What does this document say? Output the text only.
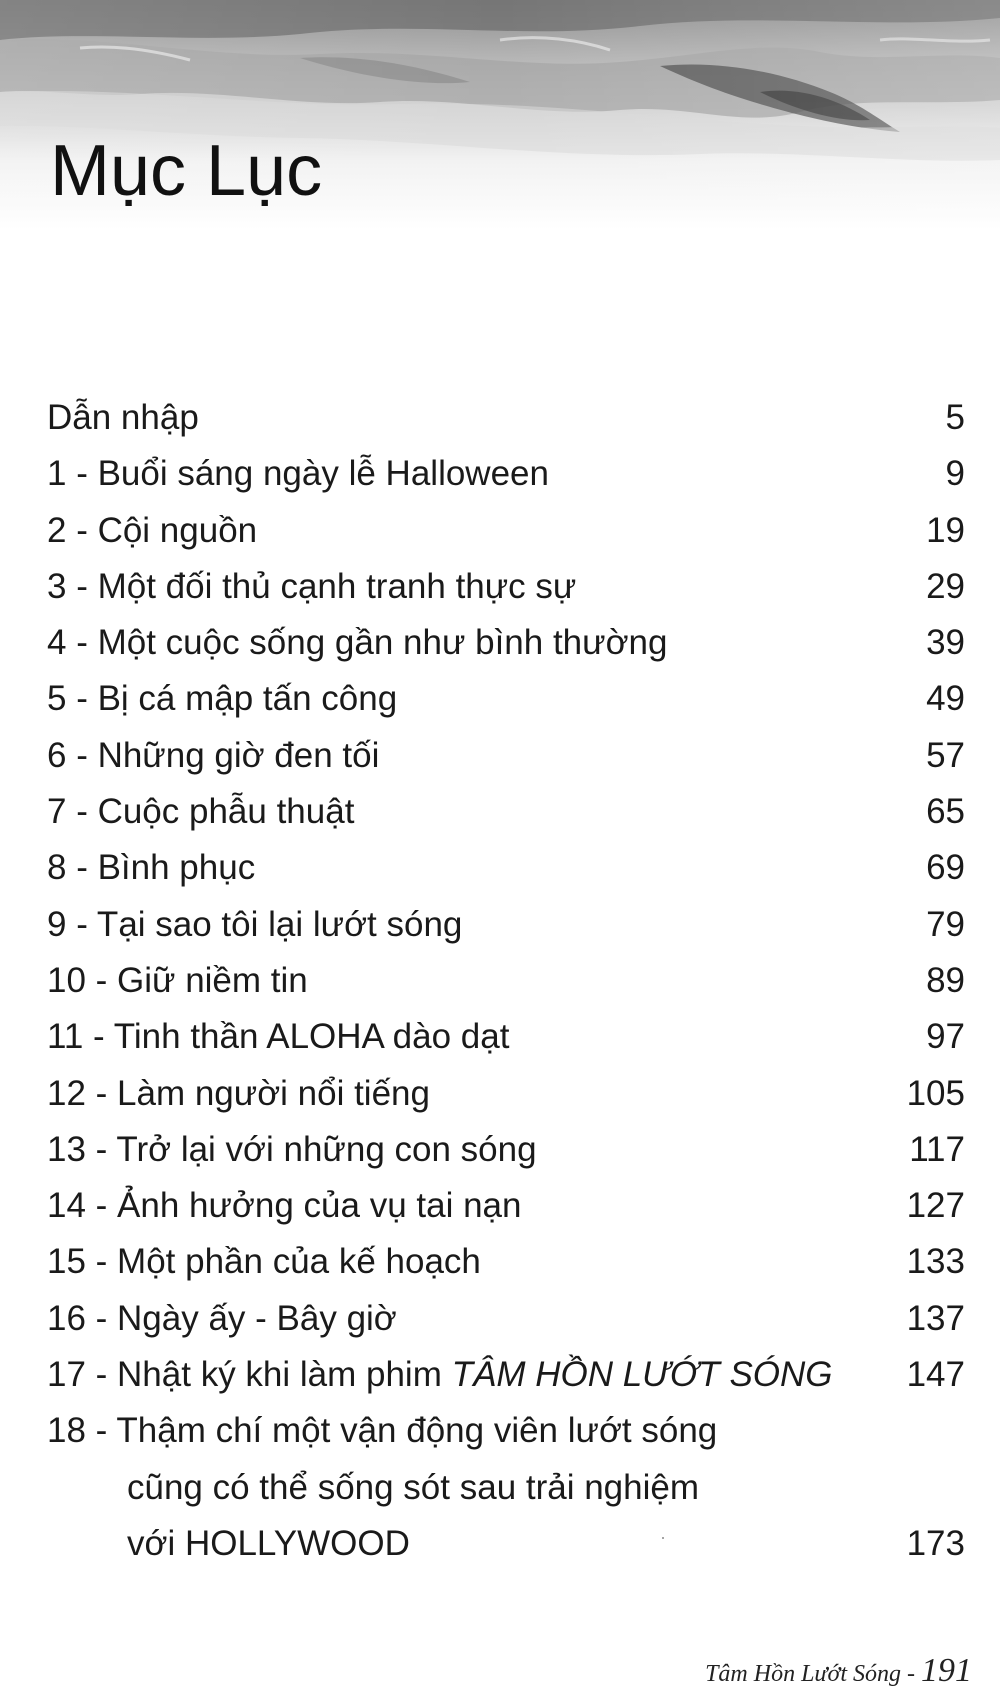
Mục Lục
Dẫn nhập	5
1 - Buổi sáng ngày lễ Halloween	9
2 - Cội nguồn	19
3 - Một đối thủ cạnh tranh thực sự	29
4 - Một cuộc sống gần như bình thường	39
5 - Bị cá mập tấn công	49
6 - Những giờ đen tối	57
7 - Cuộc phẫu thuật	65
8 - Bình phục	69
9 - Tại sao tôi lại lướt sóng	79
10 - Giữ niềm tin	89
11 - Tinh thần ALOHA dào dạt	97
12 - Làm người nổi tiếng	105
13 - Trở lại với những con sóng	117
14 - Ảnh hưởng của vụ tai nạn	127
15 - Một phần của kế hoạch	133
16 - Ngày ấy - Bây giờ	137
17 - Nhật ký khi làm phim TÂM HỒN LƯỚT SÓNG	147
18 - Thậm chí một vận động viên lướt sóng
cũng có thể sống sót sau trải nghiệm
với HOLLYWOOD	173
Tâm Hồn Lướt Sóng - 191
